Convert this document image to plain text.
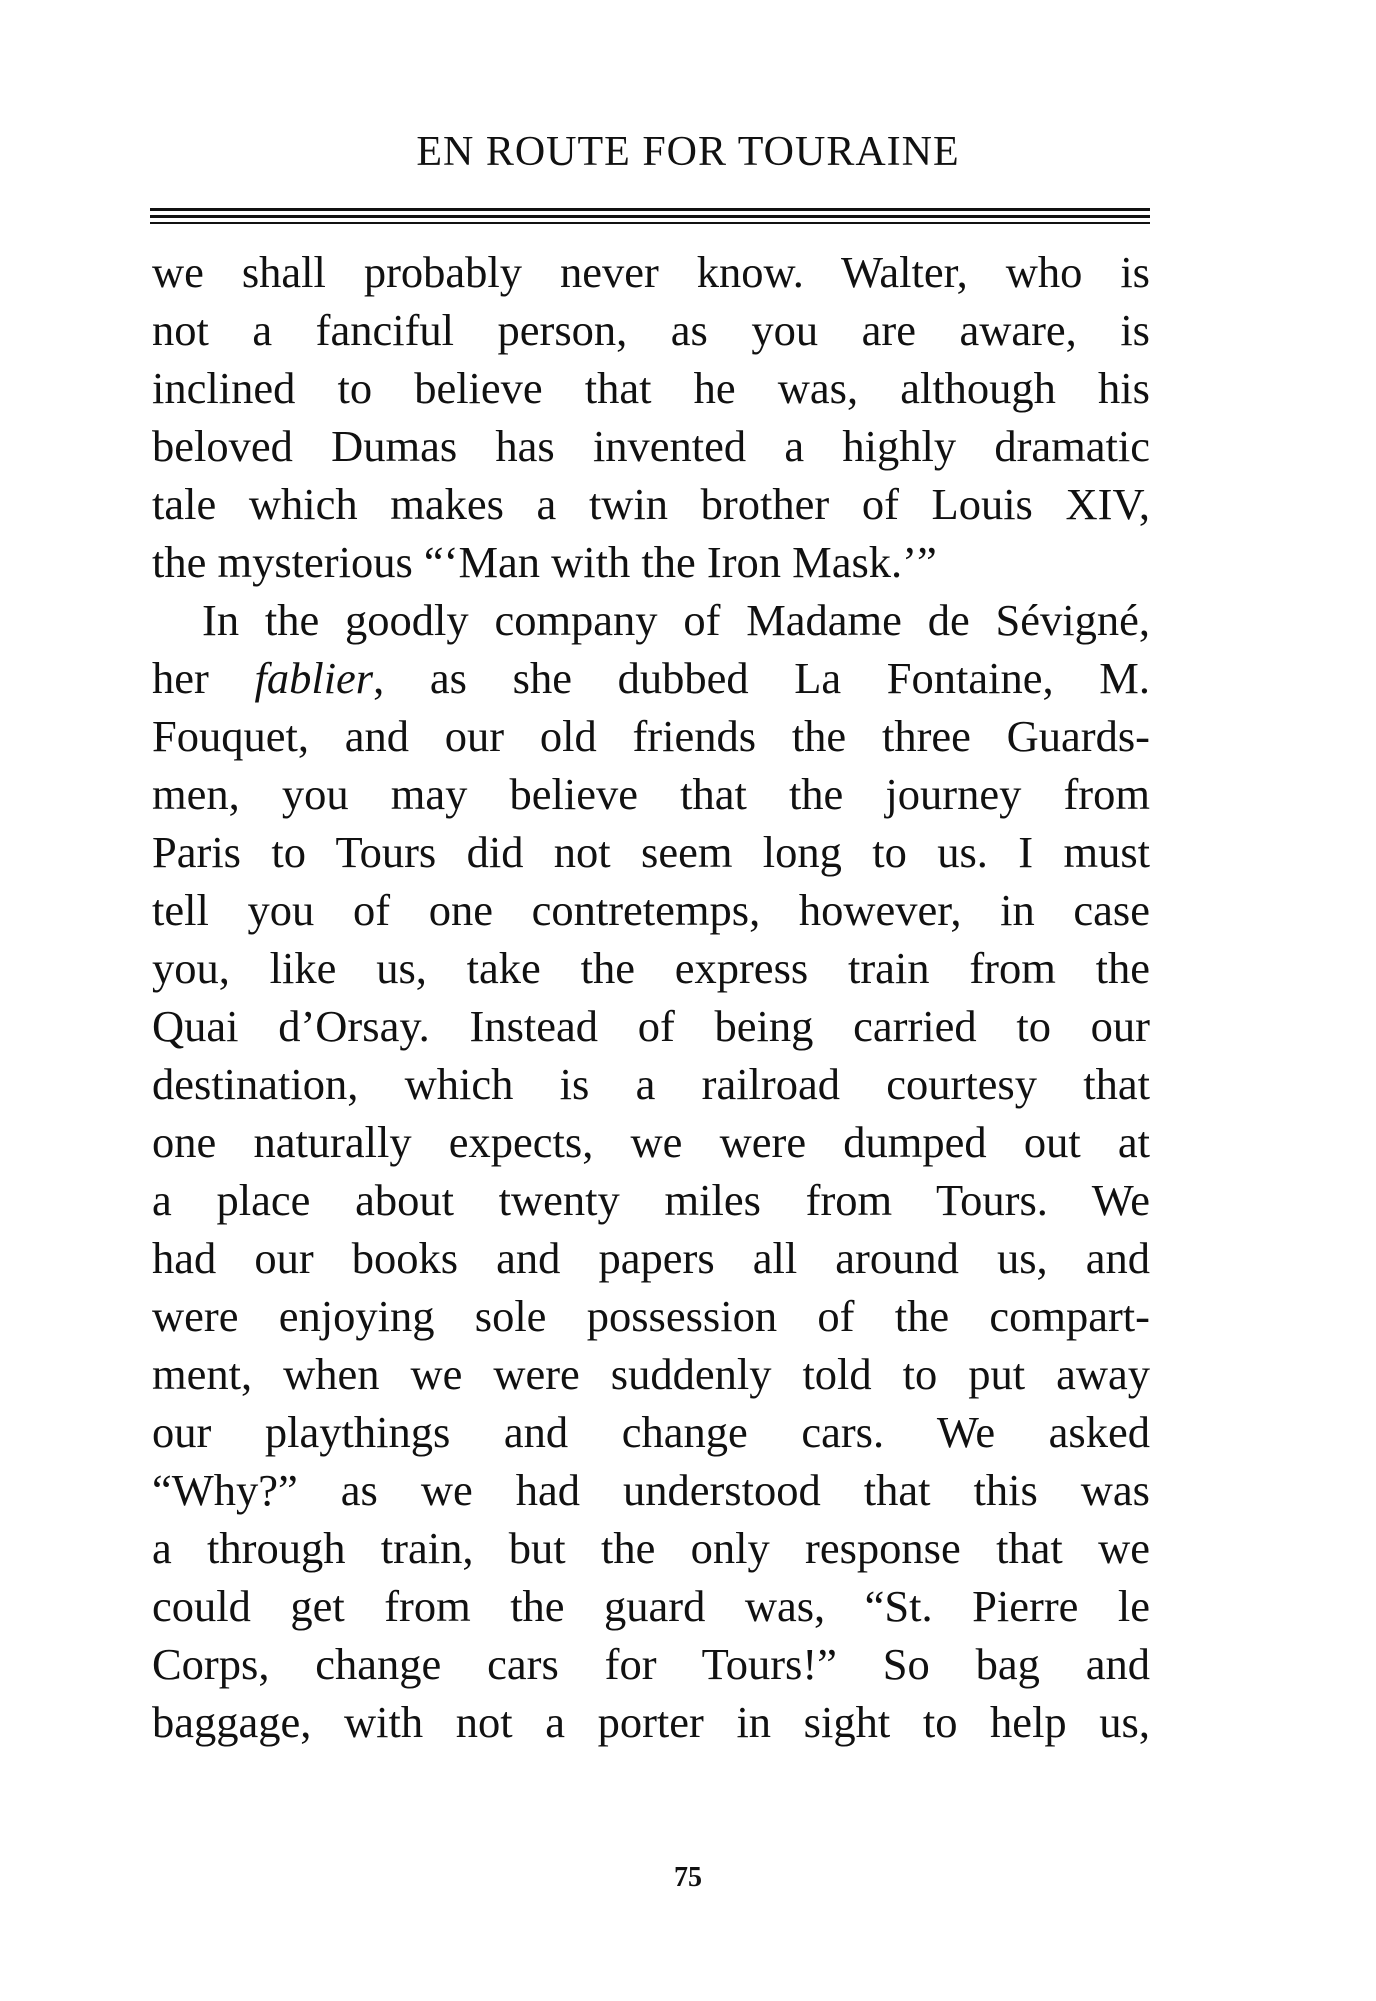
EN ROUTE FOR TOURAINE
we shall probably never know. Walter, who is
not a fanciful person, as you are aware, is
inclined to believe that he was, although his
beloved Dumas has invented a highly dramatic
tale which makes a twin brother of Louis XIV,
the mysterious “‘Man with the Iron Mask.’”
In the goodly company of Madame de Sévigné,
her fablier, as she dubbed La Fontaine, M.
Fouquet, and our old friends the three Guards-
men, you may believe that the journey from
Paris to Tours did not seem long to us. I must
tell you of one contretemps, however, in case
you, like us, take the express train from the
Quai d’Orsay. Instead of being carried to our
destination, which is a railroad courtesy that
one naturally expects, we were dumped out at
a place about twenty miles from Tours. We
had our books and papers all around us, and
were enjoying sole possession of the compart-
ment, when we were suddenly told to put away
our playthings and change cars. We asked
“Why?” as we had understood that this was
a through train, but the only response that we
could get from the guard was, “St. Pierre le
Corps, change cars for Tours!” So bag and
baggage, with not a porter in sight to help us,
75
